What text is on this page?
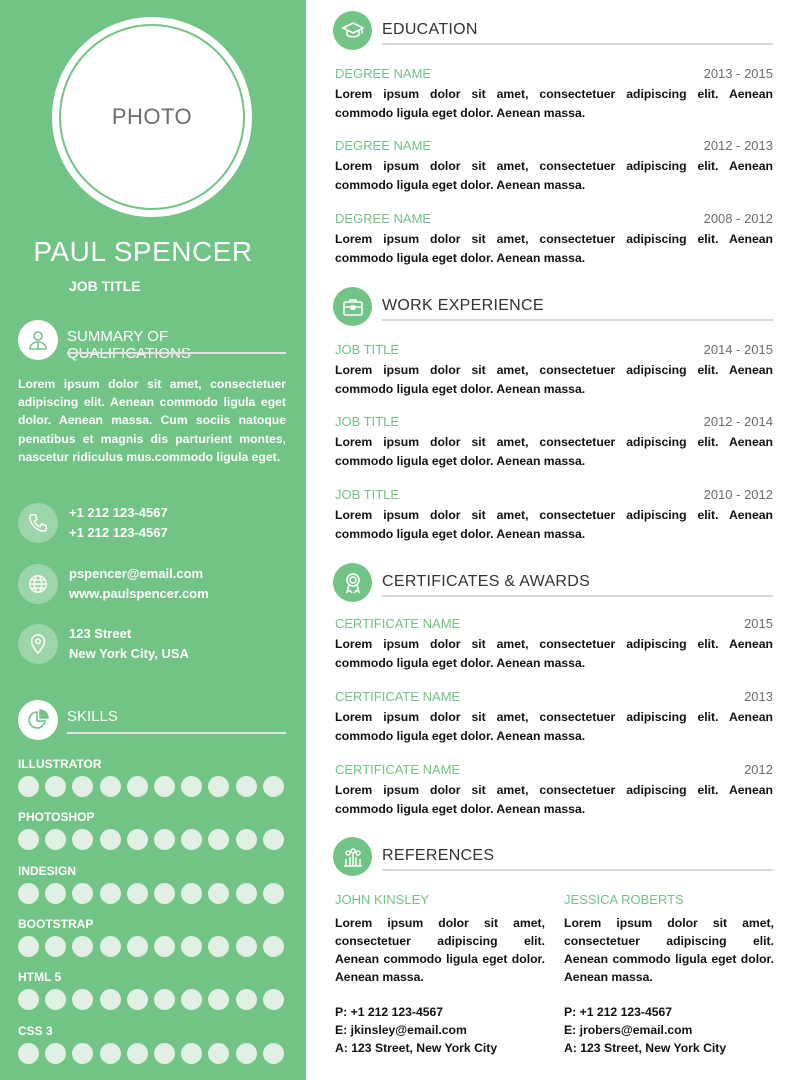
PHOTO
PAUL SPENCER
JOB TITLE
SUMMARY OF
Lorem ipsum dolor sit amet, consectetuer adipiscing elit. Aenean commodo ligula eget dolor. Aenean massa. Cum sociis natoque penatibus et magnis dis parturient montes, nascetur ridiculus mus.commodo ligula eget.
+1 212 123-4567
+1 212 123-4567
pspencer@email.com
www.paulspencer.com
123 Street
New York City, USA
SKILLS
ILLUSTRATOR
PHOTOSHOP
INDESIGN
BOOTSTRAP
HTML 5
CSS 3
EDUCATION
DEGREE NAME	2013 - 2015
Lorem ipsum dolor sit amet, consectetuer adipiscing elit. Aenean commodo ligula eget dolor. Aenean massa.
DEGREE NAME	2012 - 2013
Lorem ipsum dolor sit amet, consectetuer adipiscing elit. Aenean commodo ligula eget dolor. Aenean massa.
DEGREE NAME	2008 - 2012
Lorem ipsum dolor sit amet, consectetuer adipiscing elit. Aenean commodo ligula eget dolor. Aenean massa.
WORK EXPERIENCE
JOB TITLE	2014 - 2015
Lorem ipsum dolor sit amet, consectetuer adipiscing elit. Aenean commodo ligula eget dolor. Aenean massa.
JOB TITLE	2012 - 2014
Lorem ipsum dolor sit amet, consectetuer adipiscing elit. Aenean commodo ligula eget dolor. Aenean massa.
JOB TITLE	2010 - 2012
Lorem ipsum dolor sit amet, consectetuer adipiscing elit. Aenean commodo ligula eget dolor. Aenean massa.
CERTIFICATES & AWARDS
CERTIFICATE NAME	2015
Lorem ipsum dolor sit amet, consectetuer adipiscing elit. Aenean commodo ligula eget dolor. Aenean massa.
CERTIFICATE NAME	2013
Lorem ipsum dolor sit amet, consectetuer adipiscing elit. Aenean commodo ligula eget dolor. Aenean massa.
CERTIFICATE NAME	2012
Lorem ipsum dolor sit amet, consectetuer adipiscing elit. Aenean commodo ligula eget dolor. Aenean massa.
REFERENCES
JOHN KINSLEY
Lorem ipsum dolor sit amet, consectetuer adipiscing elit. Aenean commodo ligula eget dolor. Aenean massa.
P: +1 212 123-4567
E: jkinsley@email.com
A: 123 Street, New York City
JESSICA ROBERTS
Lorem ipsum dolor sit amet, consectetuer adipiscing elit. Aenean commodo ligula eget dolor. Aenean massa.
P: +1 212 123-4567
E: jrobers@email.com
A: 123 Street, New York City
